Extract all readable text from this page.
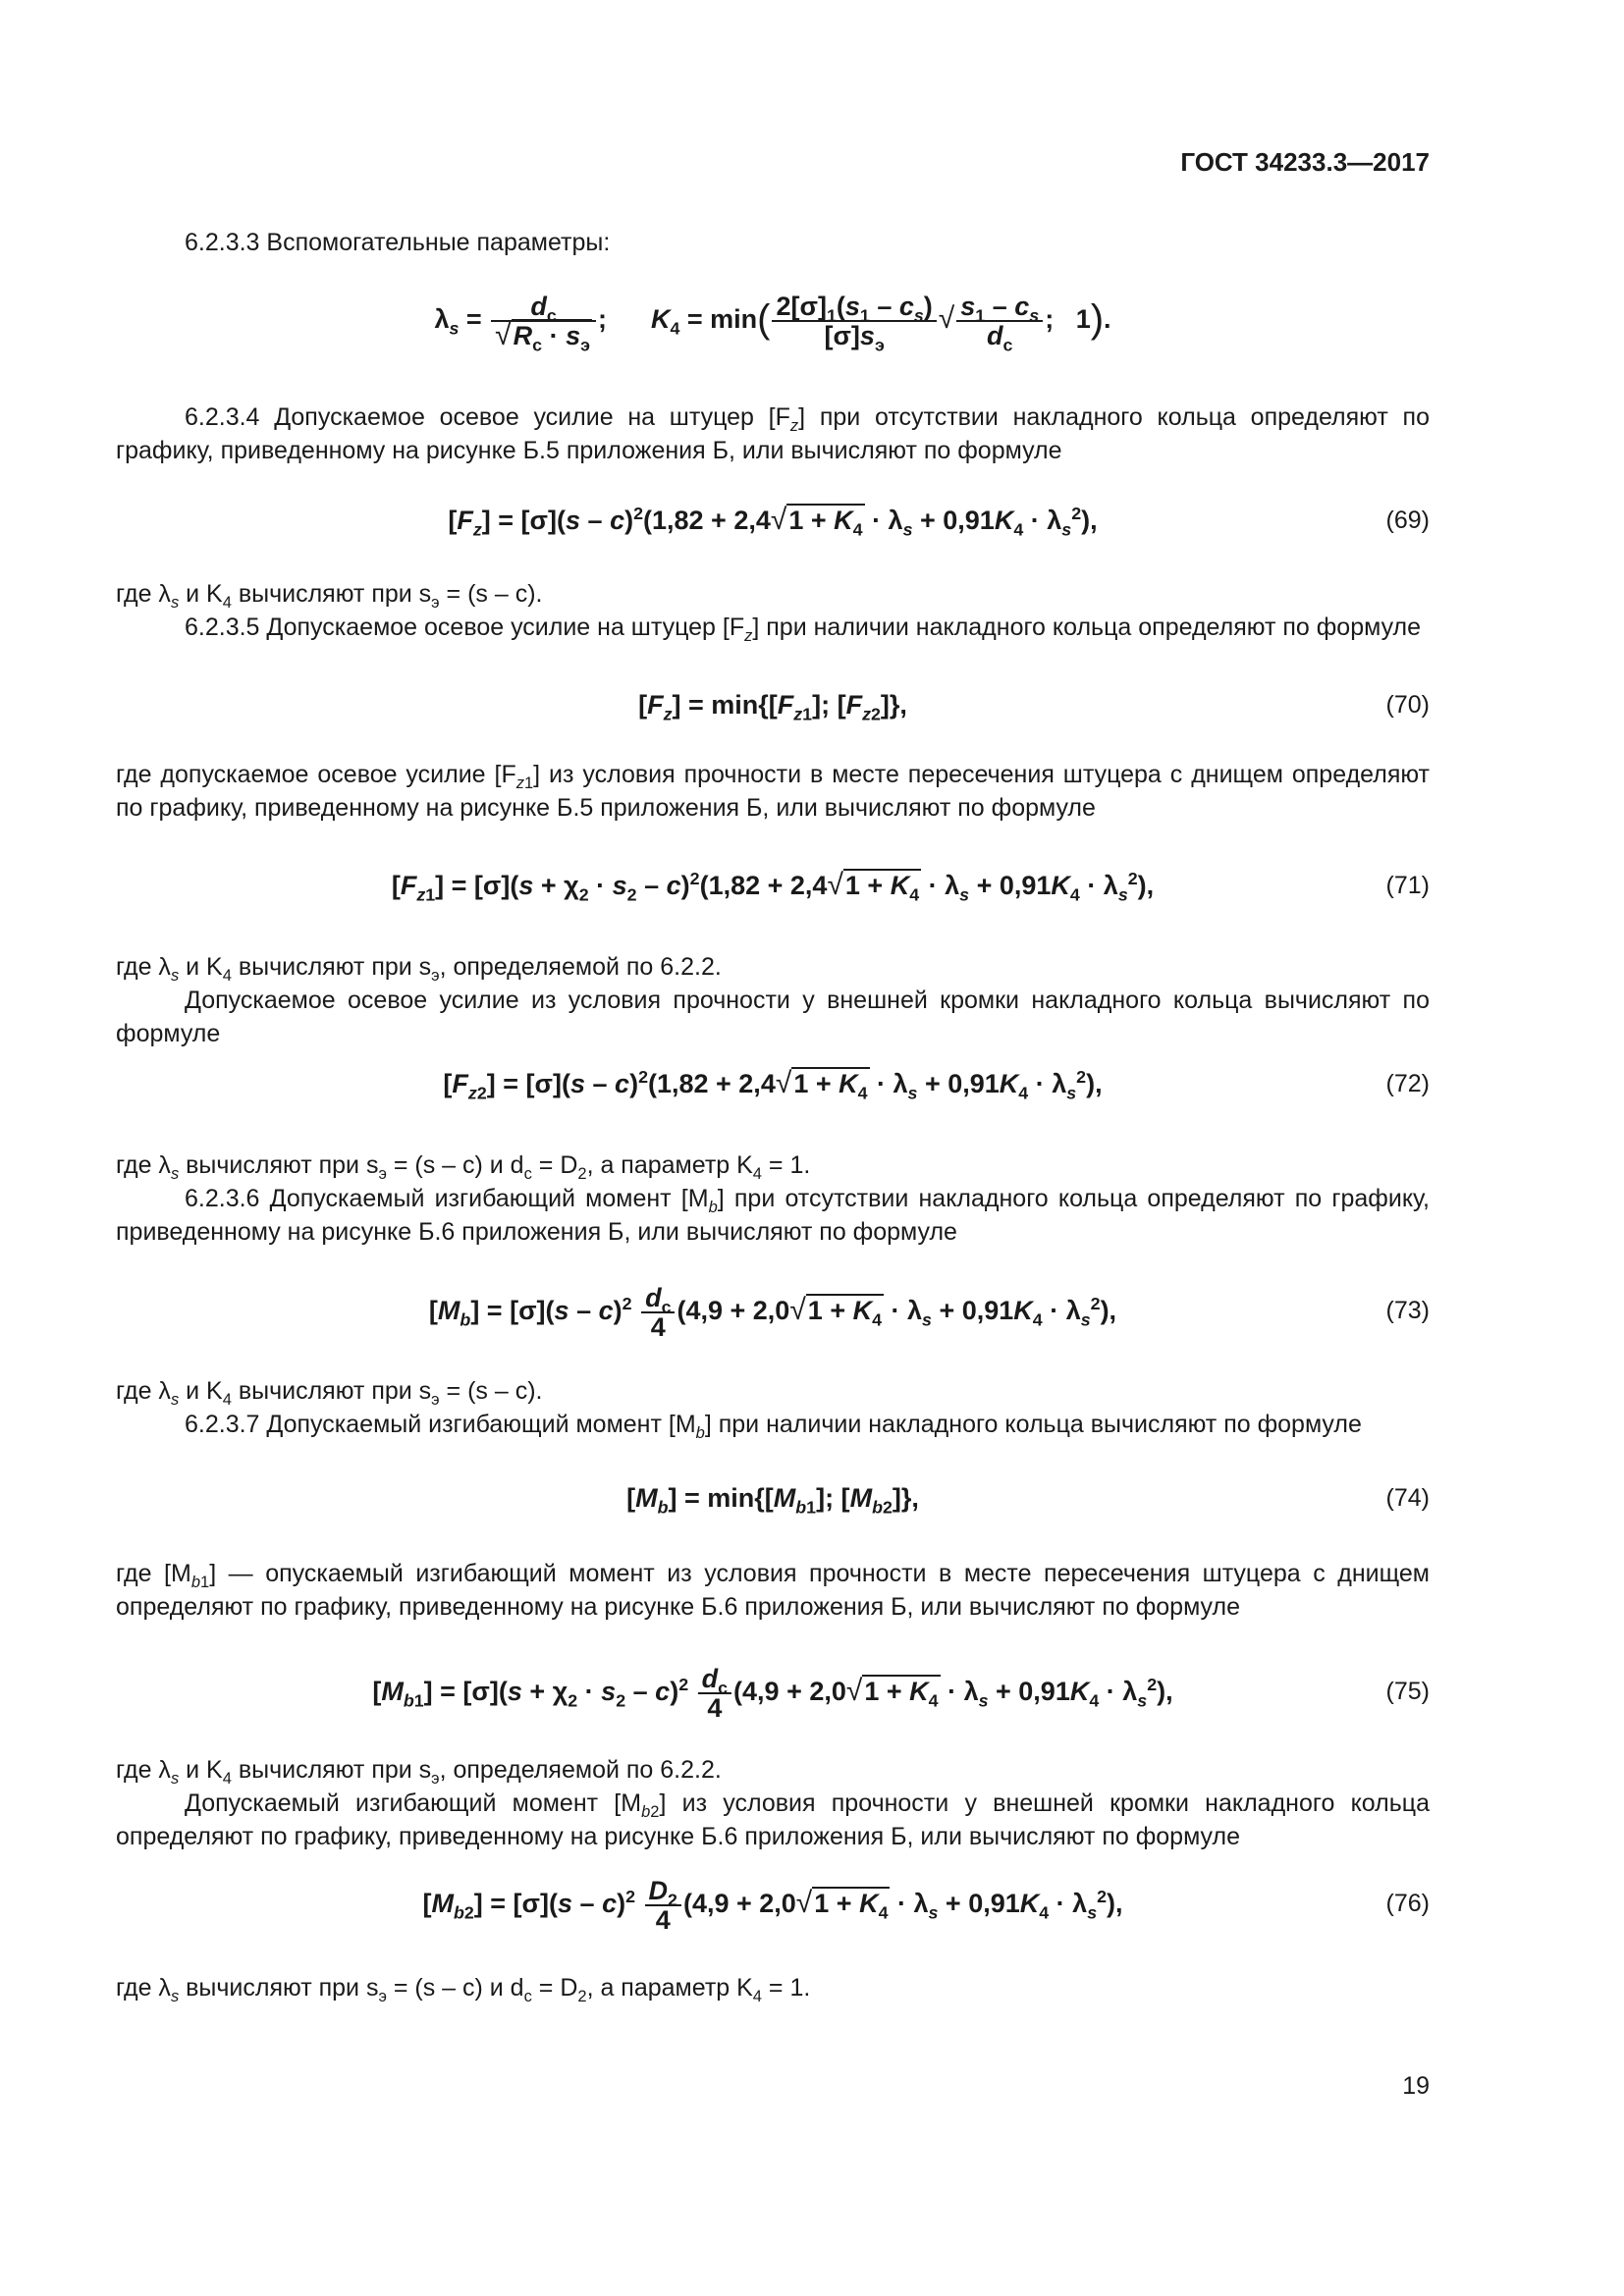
ГОСТ 34233.3—2017
6.2.3.3 Вспомогательные параметры:
$\lambda_s = \frac{d_c}{√R_c \cdot s_э}$ ;      $K_4 = \min( \frac{2[\sigma]_1(s_1 - c_s)}{[\sigma]s_э}$ √ $\frac{s_1 - c_s}{d_c}$ ;   1).
6.2.3.4 Допускаемое осевое усилие на штуцер $[F_z]$ при отсутствии накладного кольца определяют по графику, приведенному на рисунке Б.5 приложения Б, или вычисляют по формуле
$[F_z] = [\sigma](s - c)^2(1,82 + 2,4√1 + K_4 \cdot \lambda_s + 0,91K_4 \cdot \lambda_s^2)$,	(69)
где $\lambda_s$ и $K_4$ вычисляют при $s_э = (s - c)$.
6.2.3.5 Допускаемое осевое усилие на штуцер $[F_z]$ при наличии накладного кольца определяют по формуле
$[F_z] = \min\{[F_{z1}]$; $[F_{z2}]$},	(70)
где допускаемое осевое усилие $[F_{z1}]$ из условия прочности в месте пересечения штуцера с днищем определяют по графику, приведенному на рисунке Б.5 приложения Б, или вычисляют по формуле
$[F_{z1}] = [\sigma](s + \chi_2 \cdot s_2 - c)^2(1,82 + 2,4√1 + K_4 \cdot \lambda_s + 0,91K_4 \cdot \lambda_s^2)$,	(71)
где $\lambda_s$ и $K_4$ вычисляют при $s_э$, определяемой по 6.2.2.
Допускаемое осевое усилие из условия прочности у внешней кромки накладного кольца вычисляют по формуле
$[F_{z2}] = [\sigma](s - c)^2(1,82 + 2,4√1 + K_4 \cdot \lambda_s + 0,91K_4 \cdot \lambda_s^2)$,	(72)
где $\lambda_s$ вычисляют при $s_э = (s - c)$ и $d_c = D_2$, а параметр $K_4 = 1$.
6.2.3.6 Допускаемый изгибающий момент $[M_b]$ при отсутствии накладного кольца определяют по графику, приведенному на рисунке Б.6 приложения Б, или вычисляют по формуле
$[M_b] = [\sigma](s - c)^2 \frac{d_c}{4} (4,9 + 2,0√1 + K_4 \cdot \lambda_s + 0,91K_4 \cdot \lambda_s^2)$,	(73)
где $\lambda_s$ и $K_4$ вычисляют при $s_э = (s - c)$.
6.2.3.7 Допускаемый изгибающий момент $[M_b]$ при наличии накладного кольца вычисляют по формуле
$[M_b] = \min\{[M_{b1}]$; $[M_{b2}]$},	(74)
где $[M_{b1}]$ — опускаемый изгибающий момент из условия прочности в месте пересечения штуцера с днищем определяют по графику, приведенному на рисунке Б.6 приложения Б, или вычисляют по формуле
$[M_{b1}] = [\sigma](s + \chi_2 \cdot s_2 - c)^2 \frac{d_c}{4} (4,9 + 2,0√1 + K_4 \cdot \lambda_s + 0,91K_4 \cdot \lambda_s^2)$,	(75)
где $\lambda_s$ и $K_4$ вычисляют при $s_э$, определяемой по 6.2.2.
Допускаемый изгибающий момент $[M_{b2}]$ из условия прочности у внешней кромки накладного кольца определяют по графику, приведенному на рисунке Б.6 приложения Б, или вычисляют по формуле
$[M_{b2}] = [\sigma](s - c)^2 \frac{D_2}{4} (4,9 + 2,0√1 + K_4 \cdot \lambda_s + 0,91K_4 \cdot \lambda_s^2)$,	(76)
где $\lambda_s$ вычисляют при $s_э = (s - c)$ и $d_c = D_2$, а параметр $K_4 = 1$.
19
